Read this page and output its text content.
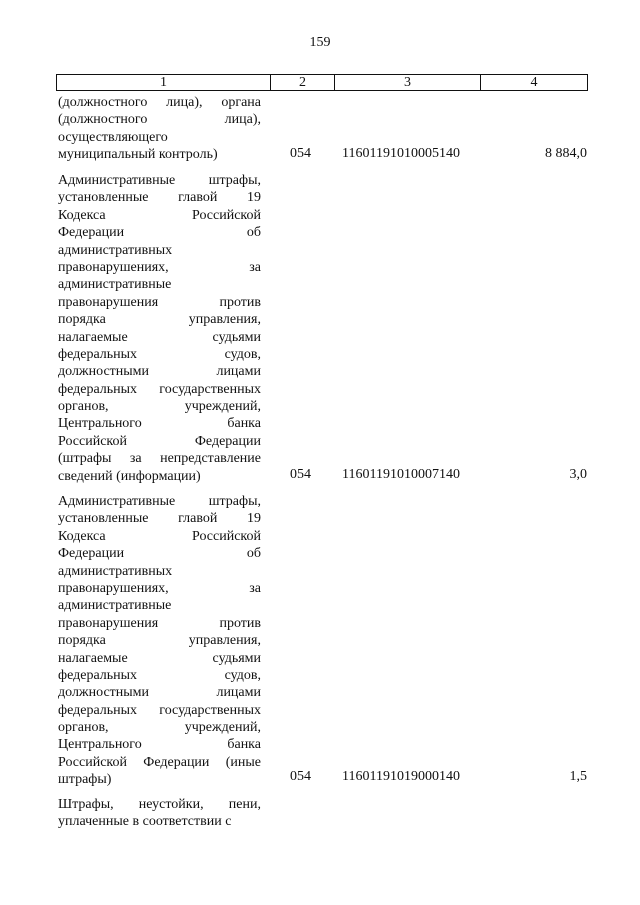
159
1	2	3	4
(должностного лица), органа
(должностного лица),
осуществляющего
муниципальный контроль)	054	11601191010005140	8 884,0
Административные штрафы,
установленные главой 19
Кодекса Российской
Федерации об
административных
правонарушениях, за
административные
правонарушения против
порядка управления,
налагаемые судьями
федеральных судов,
должностными лицами
федеральных государственных
органов, учреждений,
Центрального банка
Российской Федерации
(штрафы за непредставление
сведений (информации)	054	11601191010007140	3,0
Административные штрафы,
установленные главой 19
Кодекса Российской
Федерации об
административных
правонарушениях, за
административные
правонарушения против
порядка управления,
налагаемые судьями
федеральных судов,
должностными лицами
федеральных государственных
органов, учреждений,
Центрального банка
Российской Федерации (иные
штрафы)	054	11601191019000140	1,5
Штрафы, неустойки, пени,
уплаченные в соответствии с
